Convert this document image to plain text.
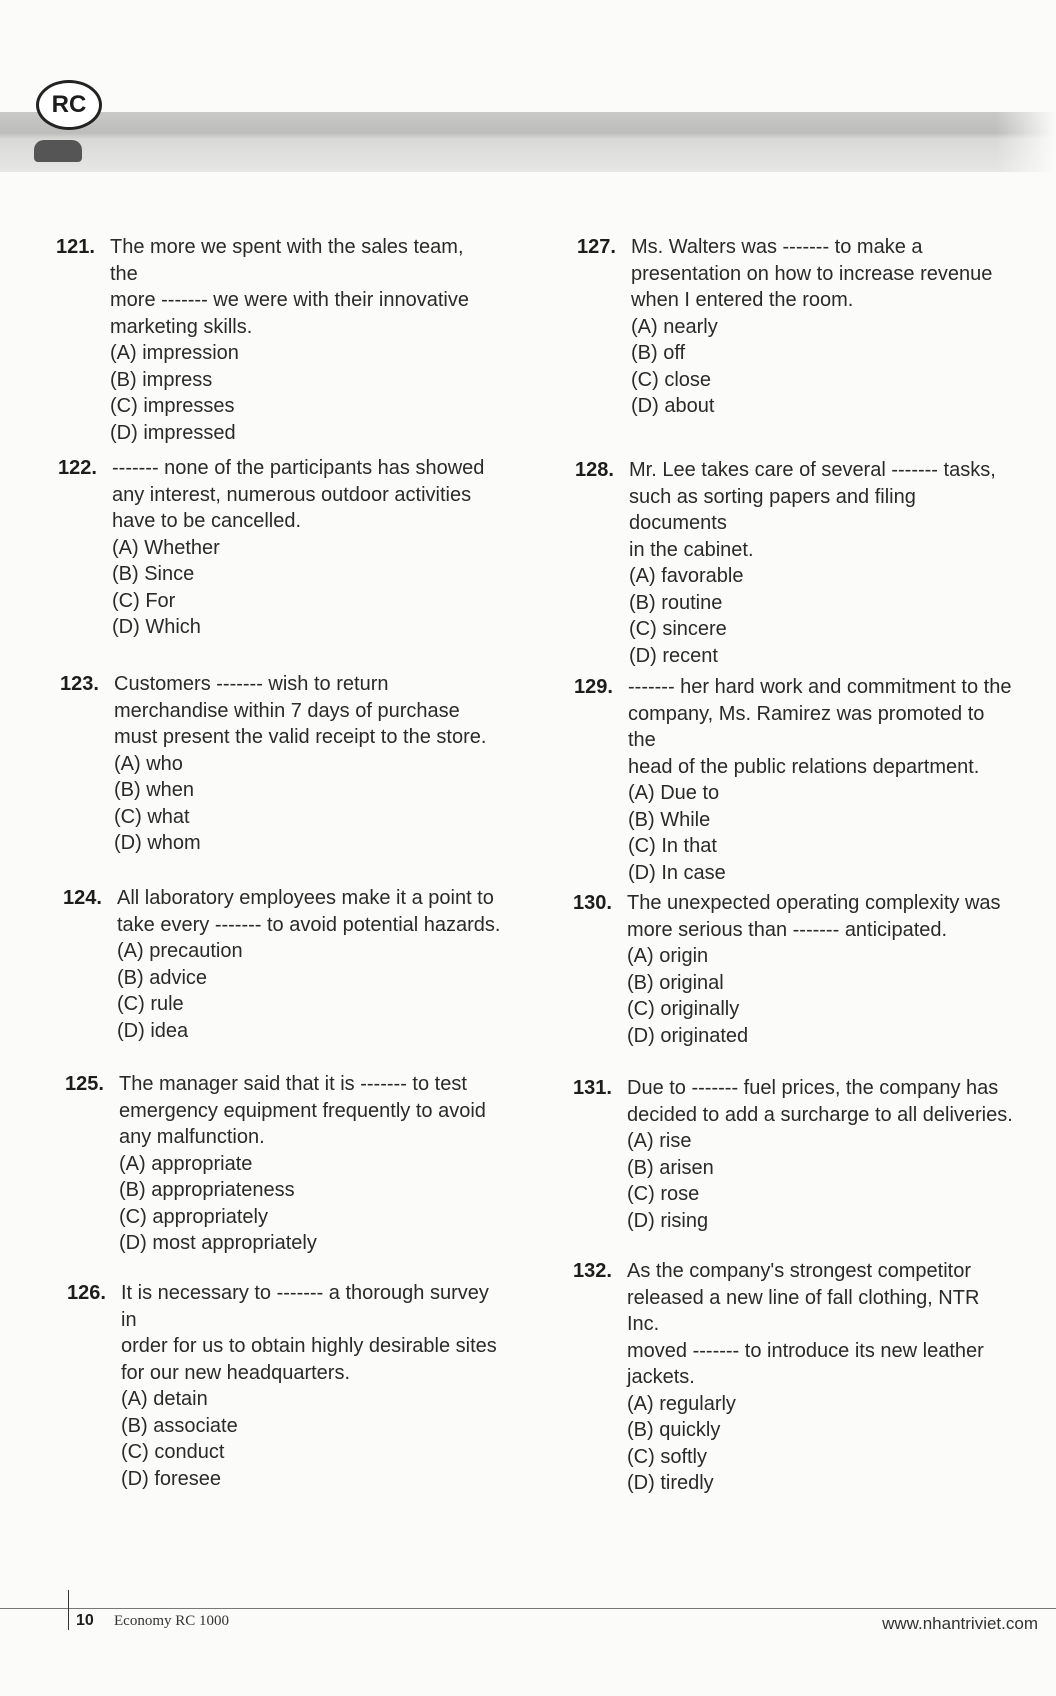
RC
121. The more we spent with the sales team, the
more ------- we were with their innovative
marketing skills.
(A) impression
(B) impress
(C) impresses
(D) impressed
122. ------- none of the participants has showed
any interest, numerous outdoor activities
have to be cancelled.
(A) Whether
(B) Since
(C) For
(D) Which
123. Customers ------- wish to return
merchandise within 7 days of purchase
must present the valid receipt to the store.
(A) who
(B) when
(C) what
(D) whom
124. All laboratory employees make it a point to
take every ------- to avoid potential hazards.
(A) precaution
(B) advice
(C) rule
(D) idea
125. The manager said that it is ------- to test
emergency equipment frequently to avoid
any malfunction.
(A) appropriate
(B) appropriateness
(C) appropriately
(D) most appropriately
126. It is necessary to ------- a thorough survey in
order for us to obtain highly desirable sites
for our new headquarters.
(A) detain
(B) associate
(C) conduct
(D) foresee
127. Ms. Walters was ------- to make a
presentation on how to increase revenue
when I entered the room.
(A) nearly
(B) off
(C) close
(D) about
128. Mr. Lee takes care of several ------- tasks,
such as sorting papers and filing documents
in the cabinet.
(A) favorable
(B) routine
(C) sincere
(D) recent
129. ------- her hard work and commitment to the
company, Ms. Ramirez was promoted to the
head of the public relations department.
(A) Due to
(B) While
(C) In that
(D) In case
130. The unexpected operating complexity was
more serious than ------- anticipated.
(A) origin
(B) original
(C) originally
(D) originated
131. Due to ------- fuel prices, the company has
decided to add a surcharge to all deliveries.
(A) rise
(B) arisen
(C) rose
(D) rising
132. As the company's strongest competitor
released a new line of fall clothing, NTR Inc.
moved ------- to introduce its new leather
jackets.
(A) regularly
(B) quickly
(C) softly
(D) tiredly
10 Economy RC 1000	www.nhantriviet.com
